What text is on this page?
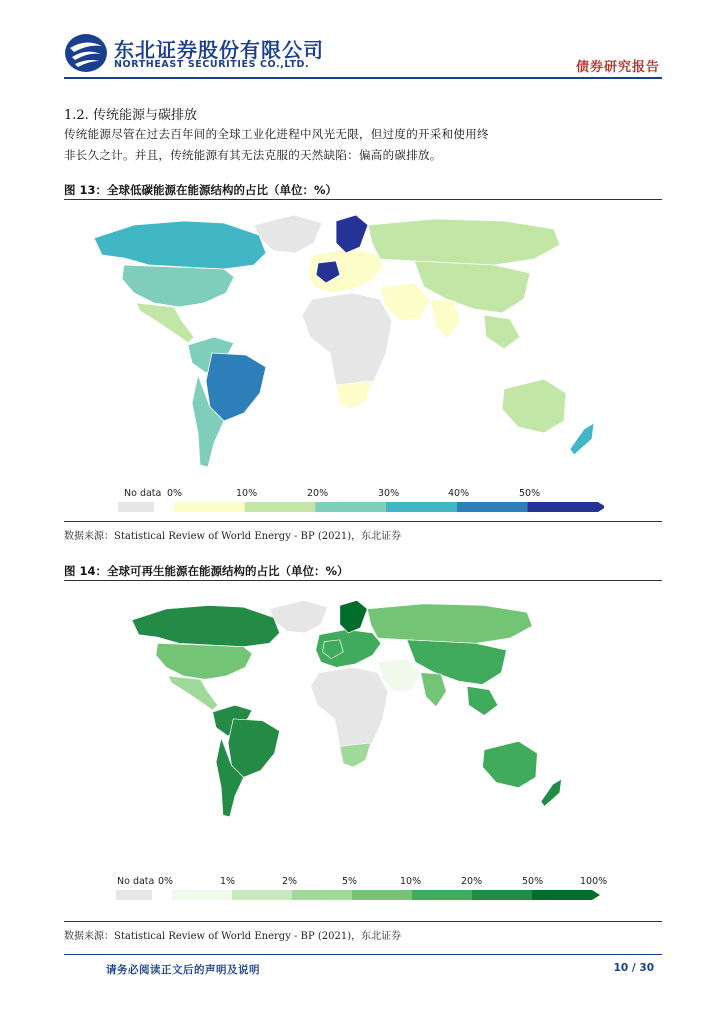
东北证券股份有限公司
NORTHEAST SECURITIES CO.,LTD.	债券研究报告
1.2. 传统能源与碳排放
传统能源尽管在过去百年间的全球工业化进程中风光无限，但过度的开采和使用终
非长久之计。并且，传统能源有其无法克服的天然缺陷：偏高的碳排放。
图 13：全球低碳能源在能源结构的占比（单位：%）
No data 0%	10%	20%	30%	40%	50%
数据来源：Statistical Review of World Energy - BP (2021)，东北证券
图 14：全球可再生能源在能源结构的占比（单位：%）
No data 0%	1%	2%	5%	10%	20%	50%	100%
数据来源：Statistical Review of World Energy - BP (2021)，东北证券
请务必阅读正文后的声明及说明	10 / 30
